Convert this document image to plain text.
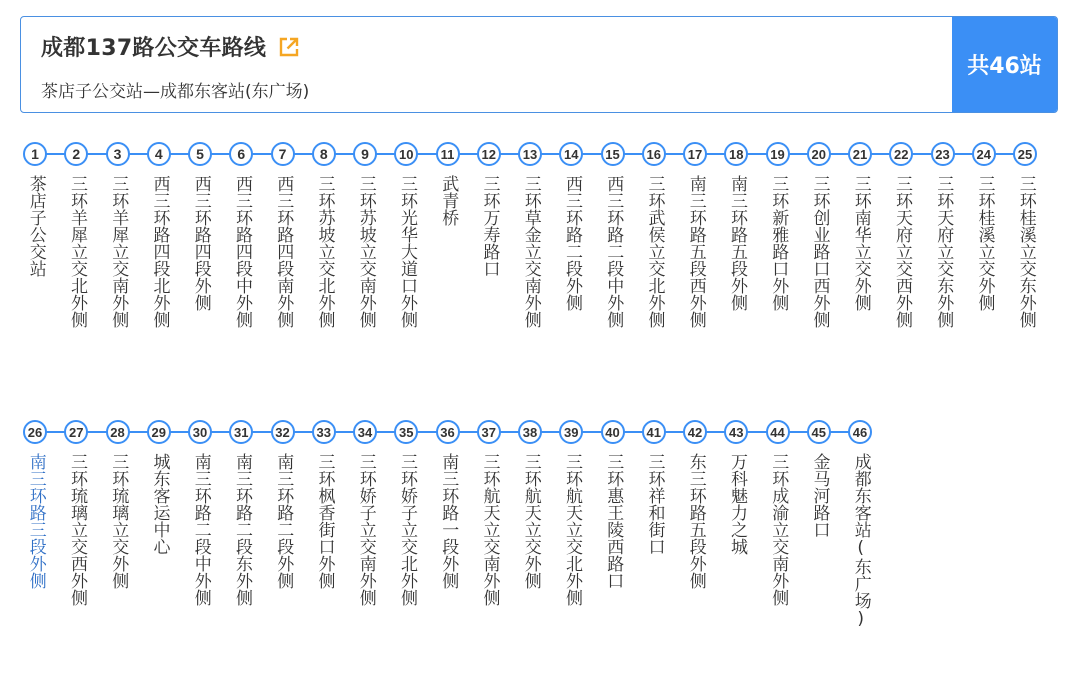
成都137路公交车路线
茶店子公交站—成都东客站(东广场)
共46站
1
茶店子公交站
2
三环羊犀立交北外侧
3
三环羊犀立交南外侧
4
西三环路四段北外侧
5
西三环路四段外侧
6
西三环路四段中外侧
7
西三环路四段南外侧
8
三环苏坡立交北外侧
9
三环苏坡立交南外侧
10
三环光华大道口外侧
11
武青桥
12
三环万寿路口
13
三环草金立交南外侧
14
西三环路二段外侧
15
西三环路二段中外侧
16
三环武侯立交北外侧
17
南三环路五段西外侧
18
南三环路五段外侧
19
三环新雅路口外侧
20
三环创业路口西外侧
21
三环南华立交外侧
22
三环天府立交西外侧
23
三环天府立交东外侧
24
三环桂溪立交外侧
25
三环桂溪立交东外侧
26
南三环路三段外侧
27
三环琉璃立交西外侧
28
三环琉璃立交外侧
29
城东客运中心
30
南三环路二段中外侧
31
南三环路二段东外侧
32
南三环路二段外侧
33
三环枫香街口外侧
34
三环娇子立交南外侧
35
三环娇子立交北外侧
36
南三环路一段外侧
37
三环航天立交南外侧
38
三环航天立交外侧
39
三环航天立交北外侧
40
三环惠王陵西路口
41
三环祥和街口
42
东三环路五段外侧
43
万科魅力之城
44
三环成渝立交南外侧
45
金马河路口
46
成都东客站(东广场)
